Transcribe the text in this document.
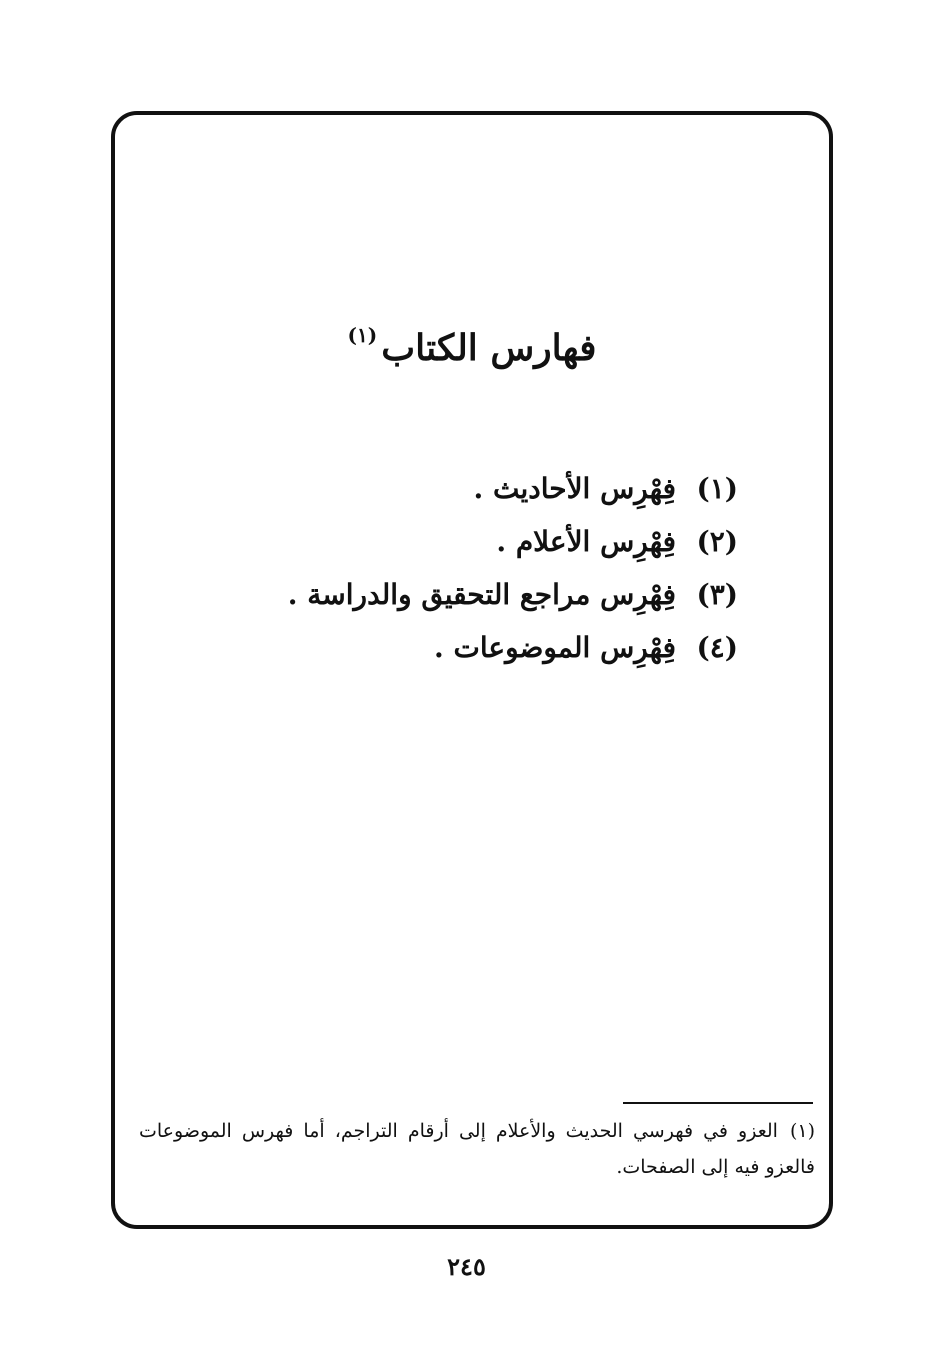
فهارس الكتاب$^{(١)}$
(١)
فِهْرِس الأحاديث .
(٢)
فِهْرِس الأعلام .
(٣)
فِهْرِس مراجع التحقيق والدراسة .
(٤)
فِهْرِس الموضوعات .
(١)العزو في فهرسي الحديث والأعلام إلى أرقام التراجم، أما فهرس الموضوعات فالعزو فيه إلى الصفحات.
٢٤٥
